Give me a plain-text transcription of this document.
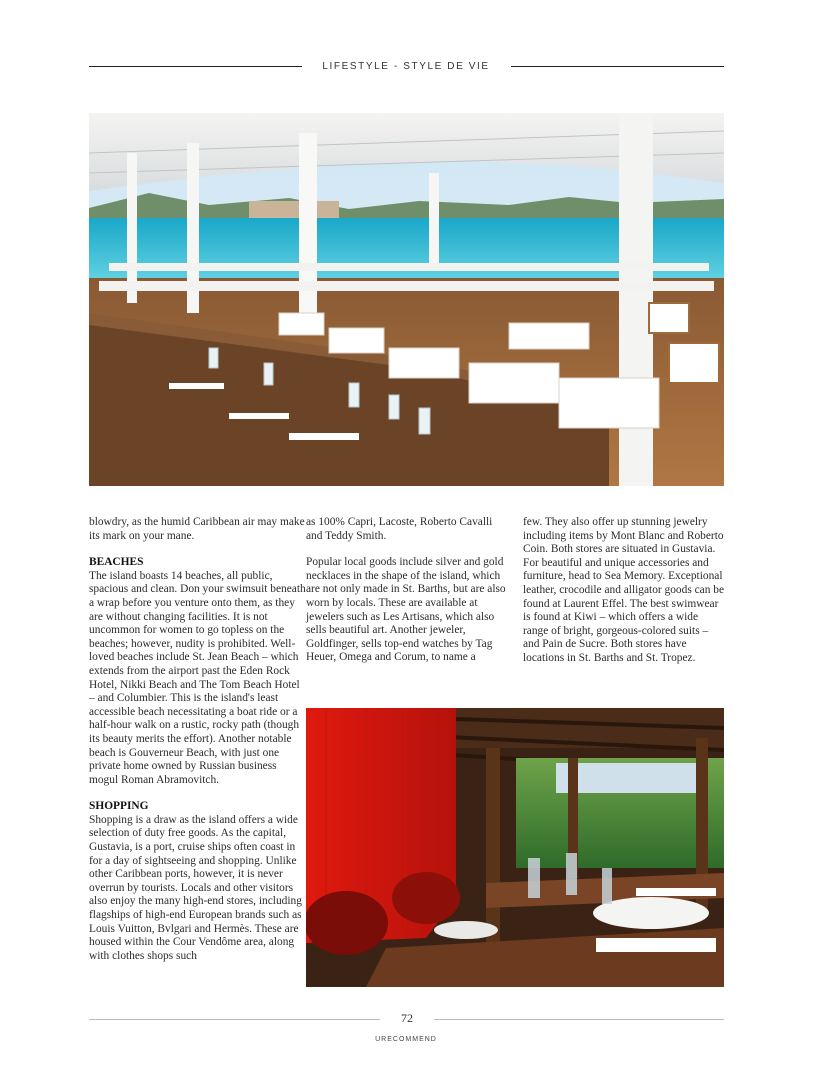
LIFESTYLE - STYLE DE VIE

blowdry, as the humid Caribbean air may make its mark on your mane.

BEACHES

The island boasts 14 beaches, all public, spacious and clean. Don your swimsuit beneath a wrap before you venture onto them, as they are without changing facilities. It is not uncommon for women to go topless on the beaches; however, nudity is prohibited. Well-loved beaches include St. Jean Beach – which extends from the airport past the Eden Rock Hotel, Nikki Beach and The Tom Beach Hotel – and Columbier. This is the island's least accessible beach necessitating a boat ride or a half-hour walk on a rustic, rocky path (though its beauty merits the effort). Another notable beach is Gouverneur Beach, with just one private home owned by Russian business mogul Roman Abramovitch.

SHOPPING

Shopping is a draw as the island offers a wide selection of duty free goods. As the capital, Gustavia, is a port, cruise ships often coast in for a day of sightseeing and shopping. Unlike other Caribbean ports, however, it is never overrun by tourists. Locals and other visitors also enjoy the many high-end stores, including flagships of high-end European brands such as Louis Vuitton, Bvlgari and Hermès. These are housed within the Cour Vendôme area, along with clothes shops such

as 100% Capri, Lacoste, Roberto Cavalli and Teddy Smith.

Popular local goods include silver and gold necklaces in the shape of the island, which are not only made in St. Barths, but are also worn by locals. These are available at jewelers such as Les Artisans, which also sells beautiful art. Another jeweler, Goldfinger, sells top-end watches by Tag Heuer, Omega and Corum, to name a

few. They also offer up stunning jewelry including items by Mont Blanc and Roberto Coin. Both stores are situated in Gustavia. For beautiful and unique accessories and furniture, head to Sea Memory. Exceptional leather, crocodile and alligator goods can be found at Laurent Effel. The best swimwear is found at Kiwi – which offers a wide range of bright, gorgeous-colored suits – and Pain de Sucre. Both stores have locations in St. Barths and St. Tropez.

72
URECOMMEND
